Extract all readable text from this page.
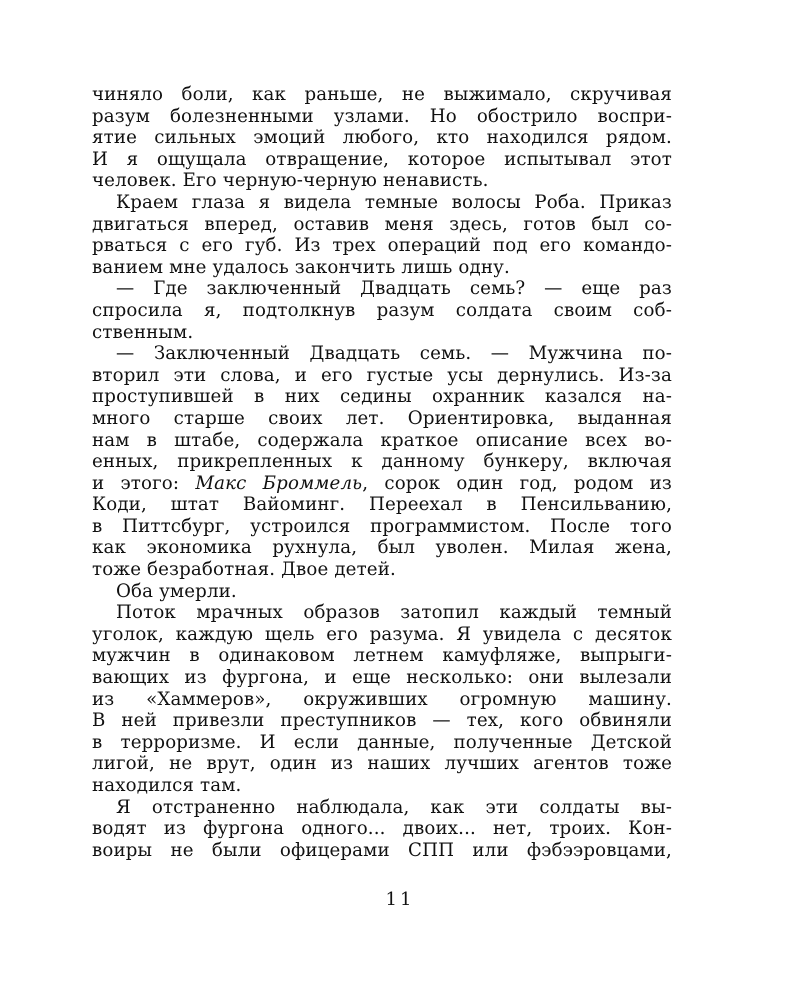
чиняло боли, как раньше, не выжимало, скручивая
разум болезненными узлами. Но обострило воспри-
ятие сильных эмоций любого, кто находился рядом.
И я ощущала отвращение, которое испытывал этот
человек. Его черную-черную ненависть.
Краем глаза я видела темные волосы Роба. Приказ
двигаться вперед, оставив меня здесь, готов был со-
рваться с его губ. Из трех операций под его командо-
ванием мне удалось закончить лишь одну.
— Где заключенный Двадцать семь? — еще раз
спросила я, подтолкнув разум солдата своим соб-
ственным.
— Заключенный Двадцать семь. — Мужчина по-
вторил эти слова, и его густые усы дернулись. Из-за
проступившей в них седины охранник казался на-
много старше своих лет. Ориентировка, выданная
нам в штабе, содержала краткое описание всех во-
енных, прикрепленных к данному бункеру, включая
и этого: Макс Броммель, сорок один год, родом из
Коди, штат Вайоминг. Переехал в Пенсильванию,
в Питтсбург, устроился программистом. После того
как экономика рухнула, был уволен. Милая жена,
тоже безработная. Двое детей.
Оба умерли.
Поток мрачных образов затопил каждый темный
уголок, каждую щель его разума. Я увидела с десяток
мужчин в одинаковом летнем камуфляже, выпрыги-
вающих из фургона, и еще несколько: они вылезали
из «Хаммеров», окруживших огромную машину.
В ней привезли преступников — тех, кого обвиняли
в терроризме. И если данные, полученные Детской
лигой, не врут, один из наших лучших агентов тоже
находился там.
Я отстраненно наблюдала, как эти солдаты вы-
водят из фургона одного... двоих... нет, троих. Кон-
воиры не были офицерами СПП или фэбээровцами,
11
